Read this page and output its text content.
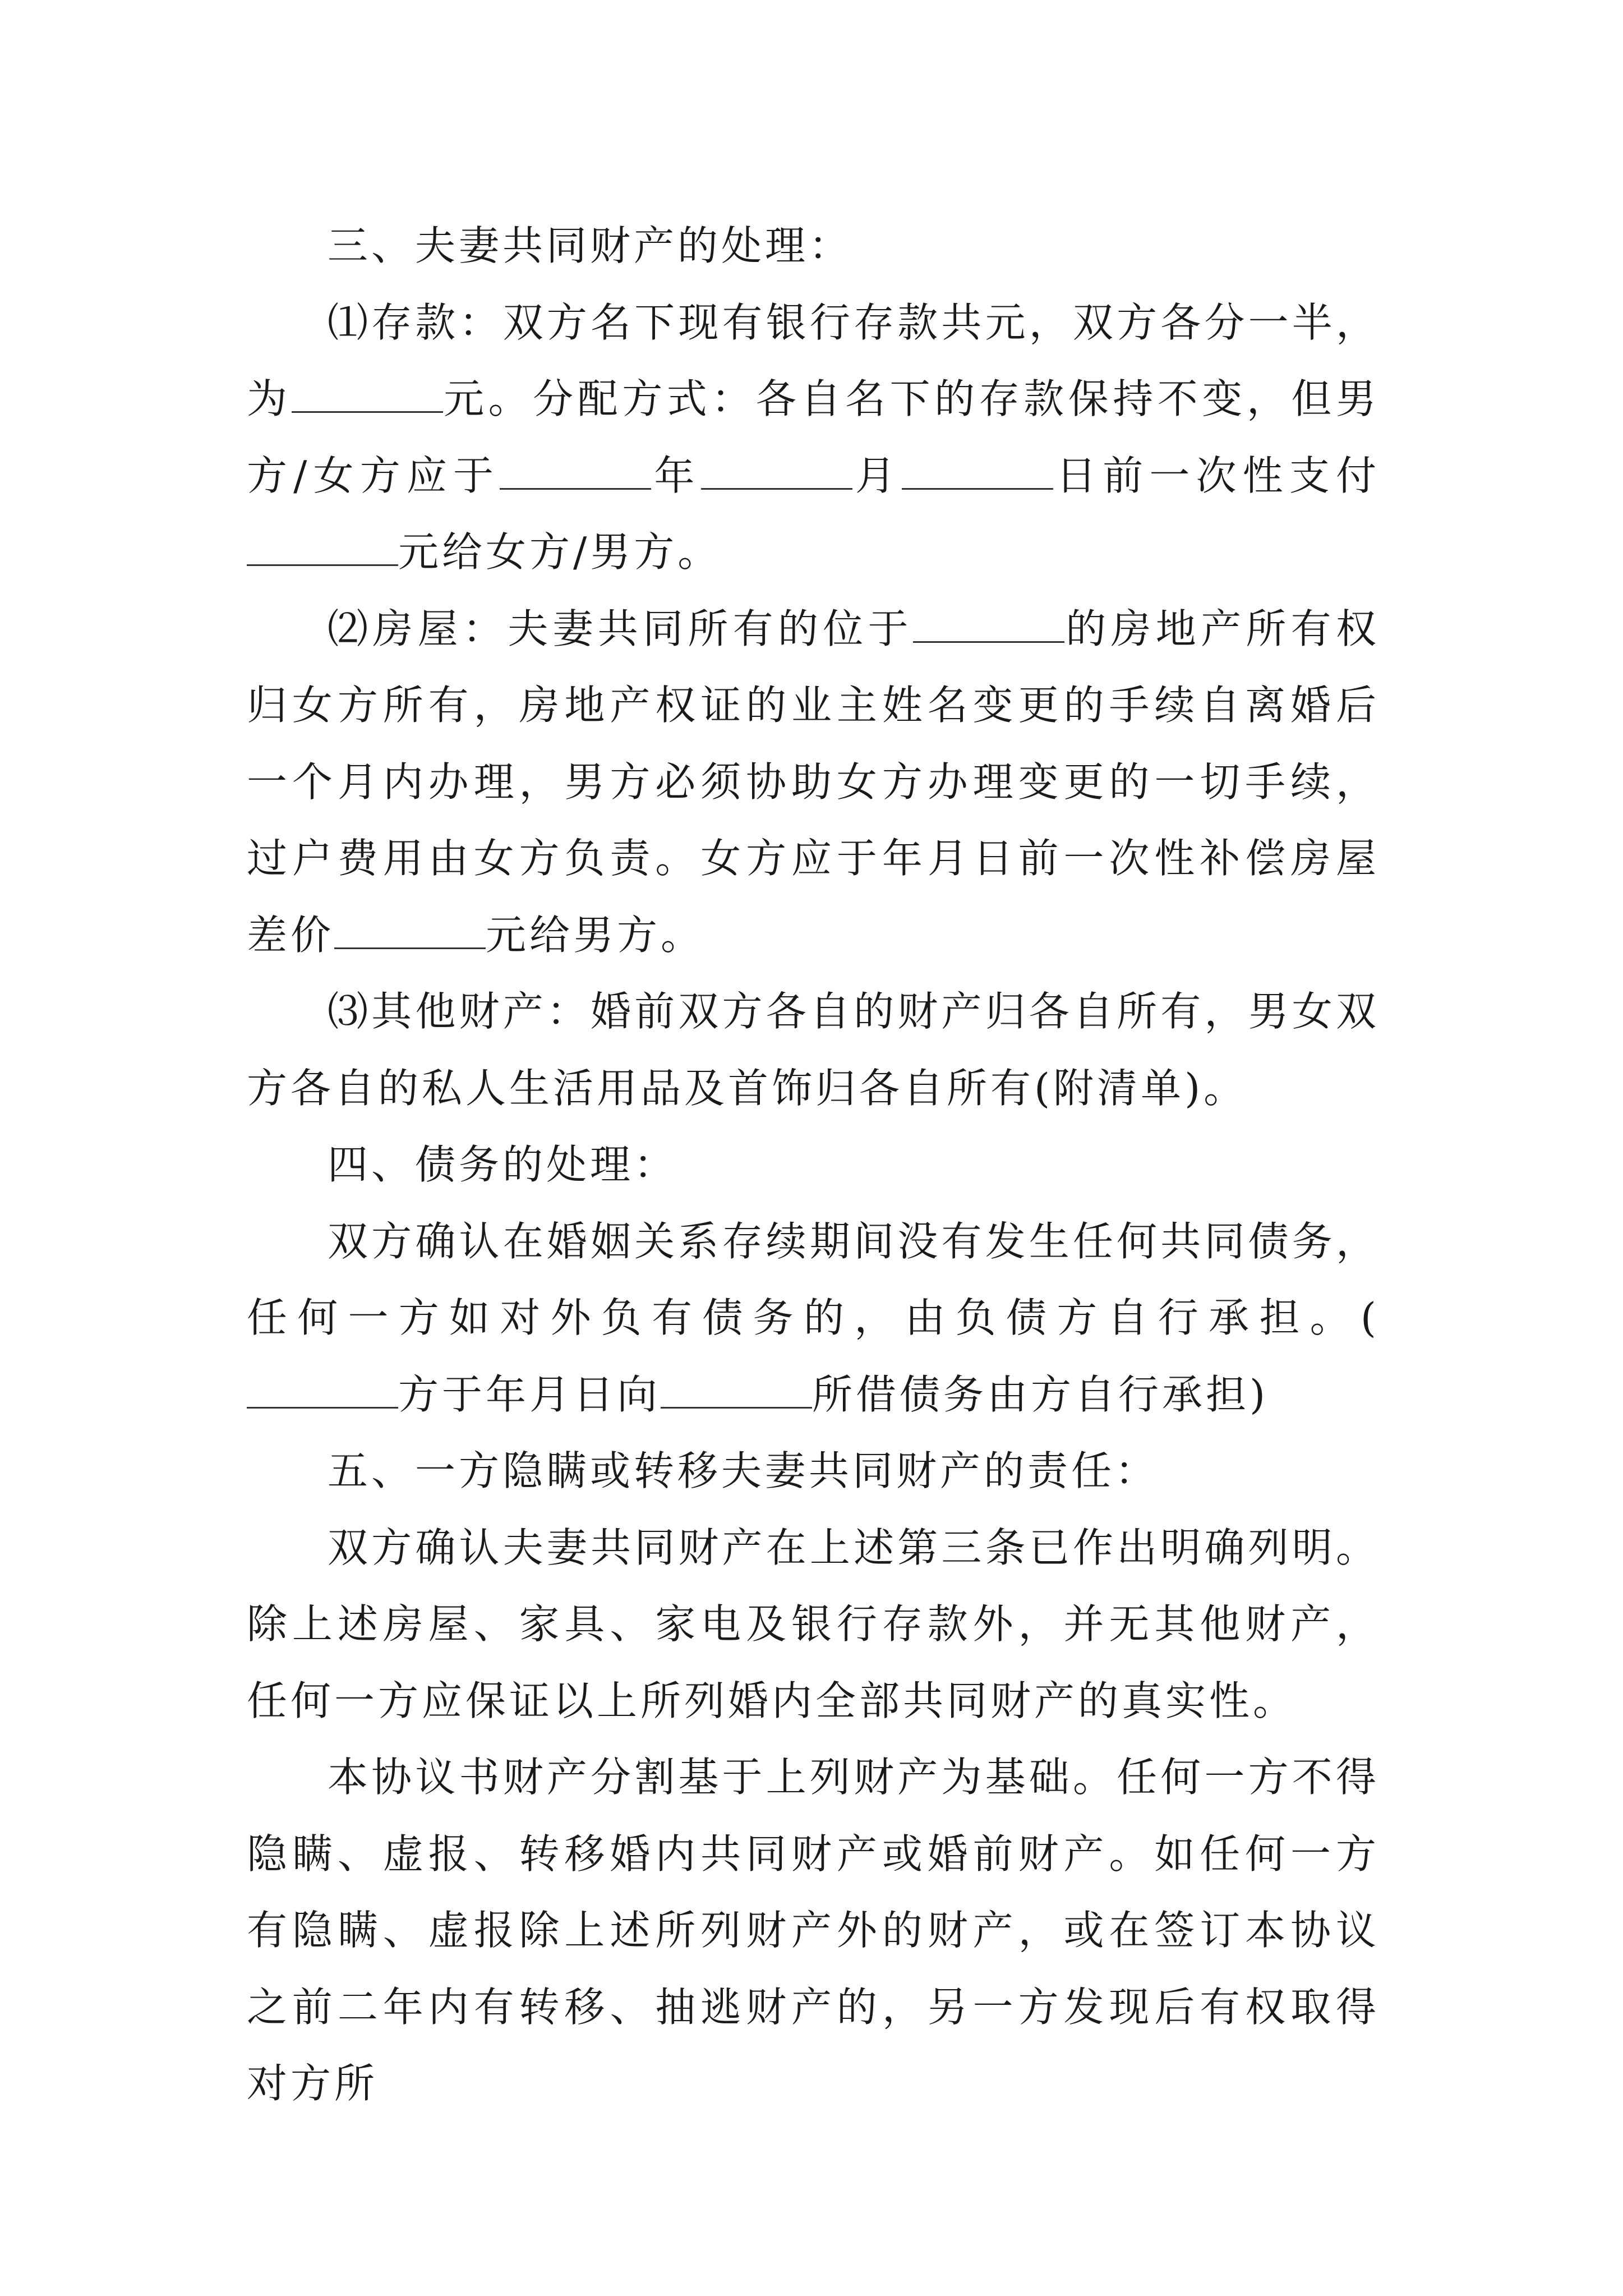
三、夫妻共同财产的处理：

⑴存款：双方名下现有银行存款共元，双方各分一半，为	元。分配方式：各自名下的存款保持不变，但男方/女方应于	年	月	日前一次性支付元给女方/男方。

⑵房屋：夫妻共同所有的位于	的房地产所有权归女方所有，房地产权证的业主姓名变更的手续自离婚后一个月内办理，男方必须协助女方办理变更的一切手续，过户费用由女方负责。女方应于年月日前一次性补偿房屋差价	元给男方。

⑶其他财产：婚前双方各自的财产归各自所有，男女双方各自的私人生活用品及首饰归各自所有(附清单)。

四、债务的处理：

双方确认在婚姻关系存续期间没有发生任何共同债务，任何一方如对外负有债务的，由负债方自行承担。(方于年月日向	所借债务由方自行承担)

五、一方隐瞒或转移夫妻共同财产的责任：

双方确认夫妻共同财产在上述第三条已作出明确列明。除上述房屋、家具、家电及银行存款外，并无其他财产，任何一方应保证以上所列婚内全部共同财产的真实性。

本协议书财产分割基于上列财产为基础。任何一方不得隐瞒、虚报、转移婚内共同财产或婚前财产。如任何一方有隐瞒、虚报除上述所列财产外的财产，或在签订本协议之前二年内有转移、抽逃财产的，另一方发现后有权取得对方所
